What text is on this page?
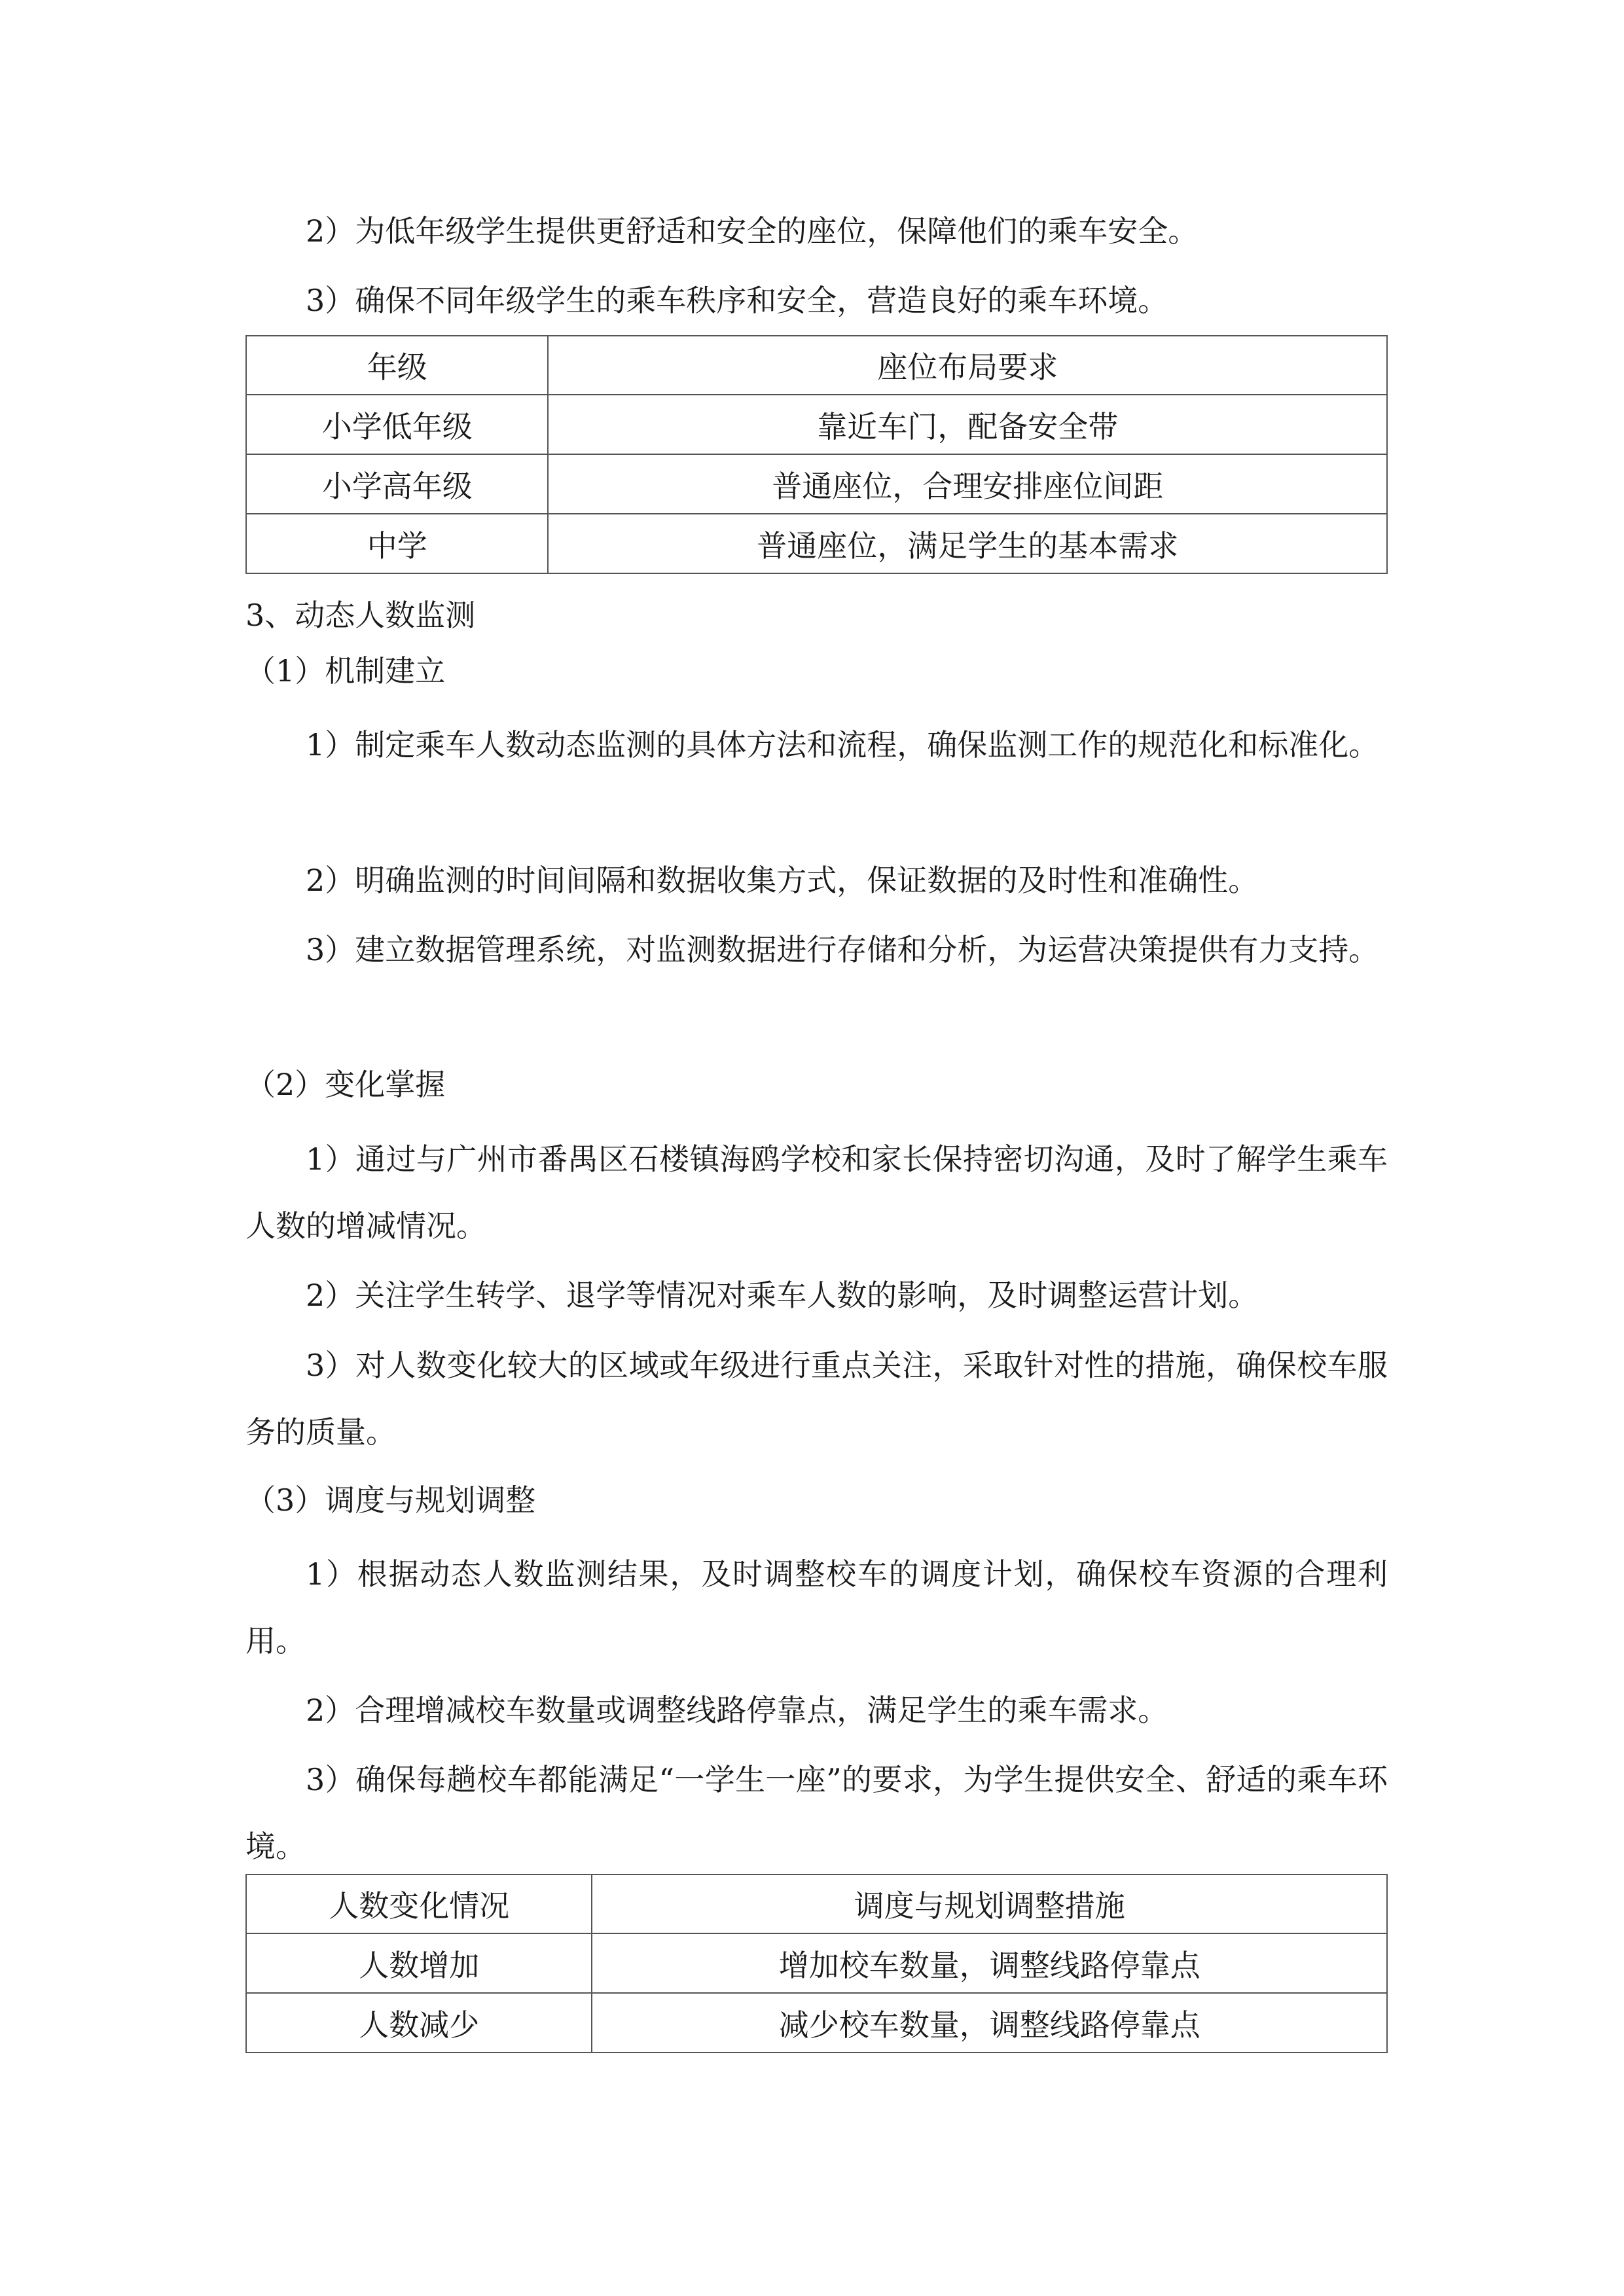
2）为低年级学生提供更舒适和安全的座位，保障他们的乘车安全。

3）确保不同年级学生的乘车秩序和安全，营造良好的乘车环境。

年级	座位布局要求
小学低年级	靠近车门，配备安全带
小学高年级	普通座位，合理安排座位间距
中学	普通座位，满足学生的基本需求
3、动态人数监测
（1）机制建立

1）制定乘车人数动态监测的具体方法和流程，确保监测工作的规范化和标准化。

2）明确监测的时间间隔和数据收集方式，保证数据的及时性和准确性。

3）建立数据管理系统，对监测数据进行存储和分析，为运营决策提供有力支持。

（2）变化掌握

1）通过与广州市番禺区石楼镇海鸥学校和家长保持密切沟通，及时了解学生乘车人数的增减情况。

2）关注学生转学、退学等情况对乘车人数的影响，及时调整运营计划。

3）对人数变化较大的区域或年级进行重点关注，采取针对性的措施，确保校车服务的质量。

（3）调度与规划调整

1）根据动态人数监测结果，及时调整校车的调度计划，确保校车资源的合理利用。

2）合理增减校车数量或调整线路停靠点，满足学生的乘车需求。

3）确保每趟校车都能满足“一学生一座”的要求，为学生提供安全、舒适的乘车环境。

人数变化情况	调度与规划调整措施
人数增加	增加校车数量，调整线路停靠点
人数减少	减少校车数量，调整线路停靠点
